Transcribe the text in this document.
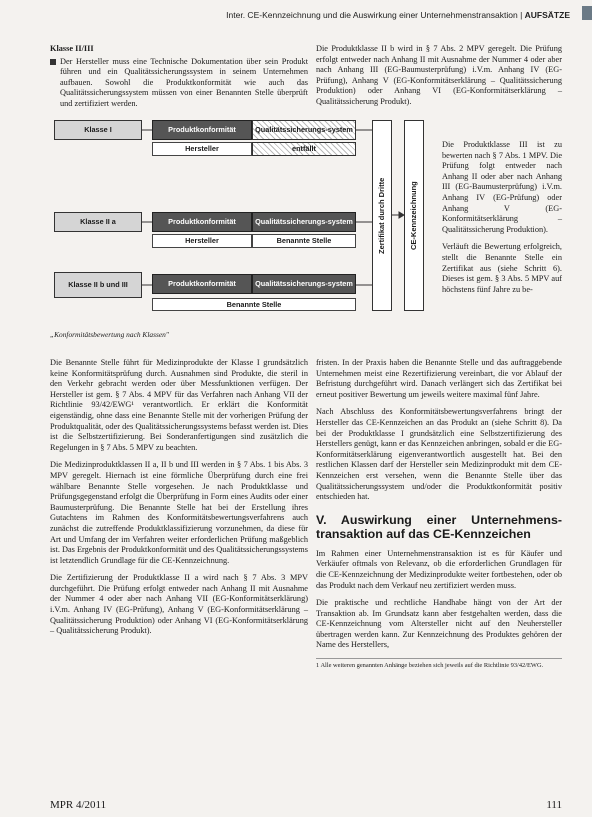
Inter. CE-Kennzeichnung und die Auswirkung einer Unternehmenstransaktion | AUFSÄTZE
Klasse II/III
Der Hersteller muss eine Technische Dokumentation über sein Produkt führen und ein Qualitätssicherungssystem in seinem Unternehmen aufbauen. Sowohl die Produktkonformität wie auch das Qualitätssicherungssystem müssen von einer Benannten Stelle überprüft und zertifiziert werden.

Die Produktklasse II b wird in § 7 Abs. 2 MPV geregelt. Die Prüfung erfolgt entweder nach Anhang II mit Ausnahme der Nummer 4 oder aber nach Anhang III (EG-Baumusterprüfung) i.V.m. Anhang IV (EG-Prüfung), Anhang V (EG-Konformitätserklärung – Qualitätssicherung Produktion) oder Anhang VI (EG-Konformitätserklärung – Qualitätssicherung Produkt).

Klasse I	Produktkonformität	Qualitätssicherungs-system
Hersteller	entfällt
Klasse II a	Produktkonformität	Qualitätssicherungs-system
Hersteller	Benannte Stelle
Klasse II b und III	Produktkonformität	Qualitätssicherungs-system
Benannte Stelle
Zertifikat durch Dritte	CE-Kennzeichnung
„Konformitätsbewertung nach Klassen"

Die Produktklasse III ist zu bewerten nach § 7 Abs. 1 MPV. Die Prüfung folgt entweder nach Anhang II oder aber nach Anhang III (EG-Baumusterprüfung) i.V.m. Anhang IV (EG-Prüfung) oder Anhang V (EG-Konformitätserklärung – Qualitätssicherung Produktion).

Verläuft die Bewertung erfolgreich, stellt die Benannte Stelle ein Zertifikat aus (siehe Schritt 6). Dieses ist gem. § 3 Abs. 5 MPV auf höchstens fünf Jahre zu be-

fristen. In der Praxis haben die Benannte Stelle und das auftraggebende Unternehmen meist eine Rezertifizierung vereinbart, die vor Ablauf der Befristung durchgeführt wird. Danach verlängert sich das Zertifikat bei erneut positiver Bewertung um jeweils weitere maximal fünf Jahre.

Nach Abschluss des Konformitätsbewertungsverfahrens bringt der Hersteller das CE-Kennzeichen an das Produkt an (siehe Schritt 8). Da bei der Produktklasse I grundsätzlich eine Selbstzertifizierung des Herstellers genügt, kann er das Kennzeichen anbringen, sobald er die EG-Konformitätserklärung eigenverantwortlich ausgestellt hat. Bei den restlichen Klassen darf der Hersteller sein Medizinprodukt mit dem CE-Kennzeichen erst versehen, wenn die Benannte Stelle über das Qualitätssicherungssystem und/oder die Produktkonformität positiv entschieden hat.

V. Auswirkung einer Unternehmens-transaktion auf das CE-Kennzeichen

Im Rahmen einer Unternehmenstransaktion ist es für Käufer und Verkäufer oftmals von Relevanz, ob die erforderlichen Grundlagen für die CE-Kennzeichnung der Medizinprodukte weiter fortbestehen, oder ob das Produkt nach dem Verkauf neu zertifiziert werden muss.

Die praktische und rechtliche Handhabe hängt von der Art der Transaktion ab. Im Grundsatz kann aber festgehalten werden, dass die CE-Kennzeichnung vom Altersteller nicht auf den Neuhersteller übertragen werden kann. Zur Kennzeichnung des Produktes gehören der Name des Herstellers,

1 Alle weiteren genannten Anhänge beziehen sich jeweils auf die Richtlinie 93/42/EWG.

Die Benannte Stelle führt für Medizinprodukte der Klasse I grundsätzlich keine Konformitätsprüfung durch. Ausnahmen sind Produkte, die steril in den Verkehr gebracht werden oder über Messfunktionen verfügen. Der Hersteller ist gem. § 7 Abs. 4 MPV für das Verfahren nach Anhang VII der Richtlinie 93/42/EWG¹ verantwortlich. Er erklärt die Konformität eigenständig, ohne dass eine Benannte Stelle mit der vorherigen Prüfung der Produktqualität, oder des Qualitätssicherungssystems befasst werden ist. Dies ist die Selbstzertifizierung. Bei Sonderanfertigungen sind zusätzlich die Regelungen in § 7 Abs. 5 MPV zu beachten.

Die Medizinproduktklassen II a, II b und III werden in § 7 Abs. 1 bis Abs. 3 MPV geregelt. Hiernach ist eine förmliche Überprüfung durch eine frei wählbare Benannte Stelle vorgesehen. Je nach Produktklasse und Prüfungsgegenstand erfolgt die Überprüfung in Form eines Audits oder einer Baumusterprüfung. Die Benannte Stelle hat bei der Erstellung ihres Gutachtens im Rahmen des Konformitätsbewertungsverfahrens auch zunächst die zutreffende Produktklassifizierung vorzunehmen, da diese für Art und Umfang der im Verfahren weiter erforderlichen Prüfung maßgeblich ist. Das Ergebnis der Produktkonformität und des Qualitätssicherungssystems ist letztendlich Grundlage für die CE-Kennzeichnung.

Die Zertifizierung der Produktklasse II a wird nach § 7 Abs. 3 MPV durchgeführt. Die Prüfung erfolgt entweder nach Anhang II mit Ausnahme der Nummer 4 oder aber nach Anhang VII (EG-Konformitätserklärung) i.V.m. Anhang IV (EG-Prüfung), Anhang V (EG-Konformitätserklärung – Qualitätssicherung Produktion) oder Anhang VI (EG-Konformitätserklärung – Qualitätssicherung Produkt).

MPR 4/2011	111
